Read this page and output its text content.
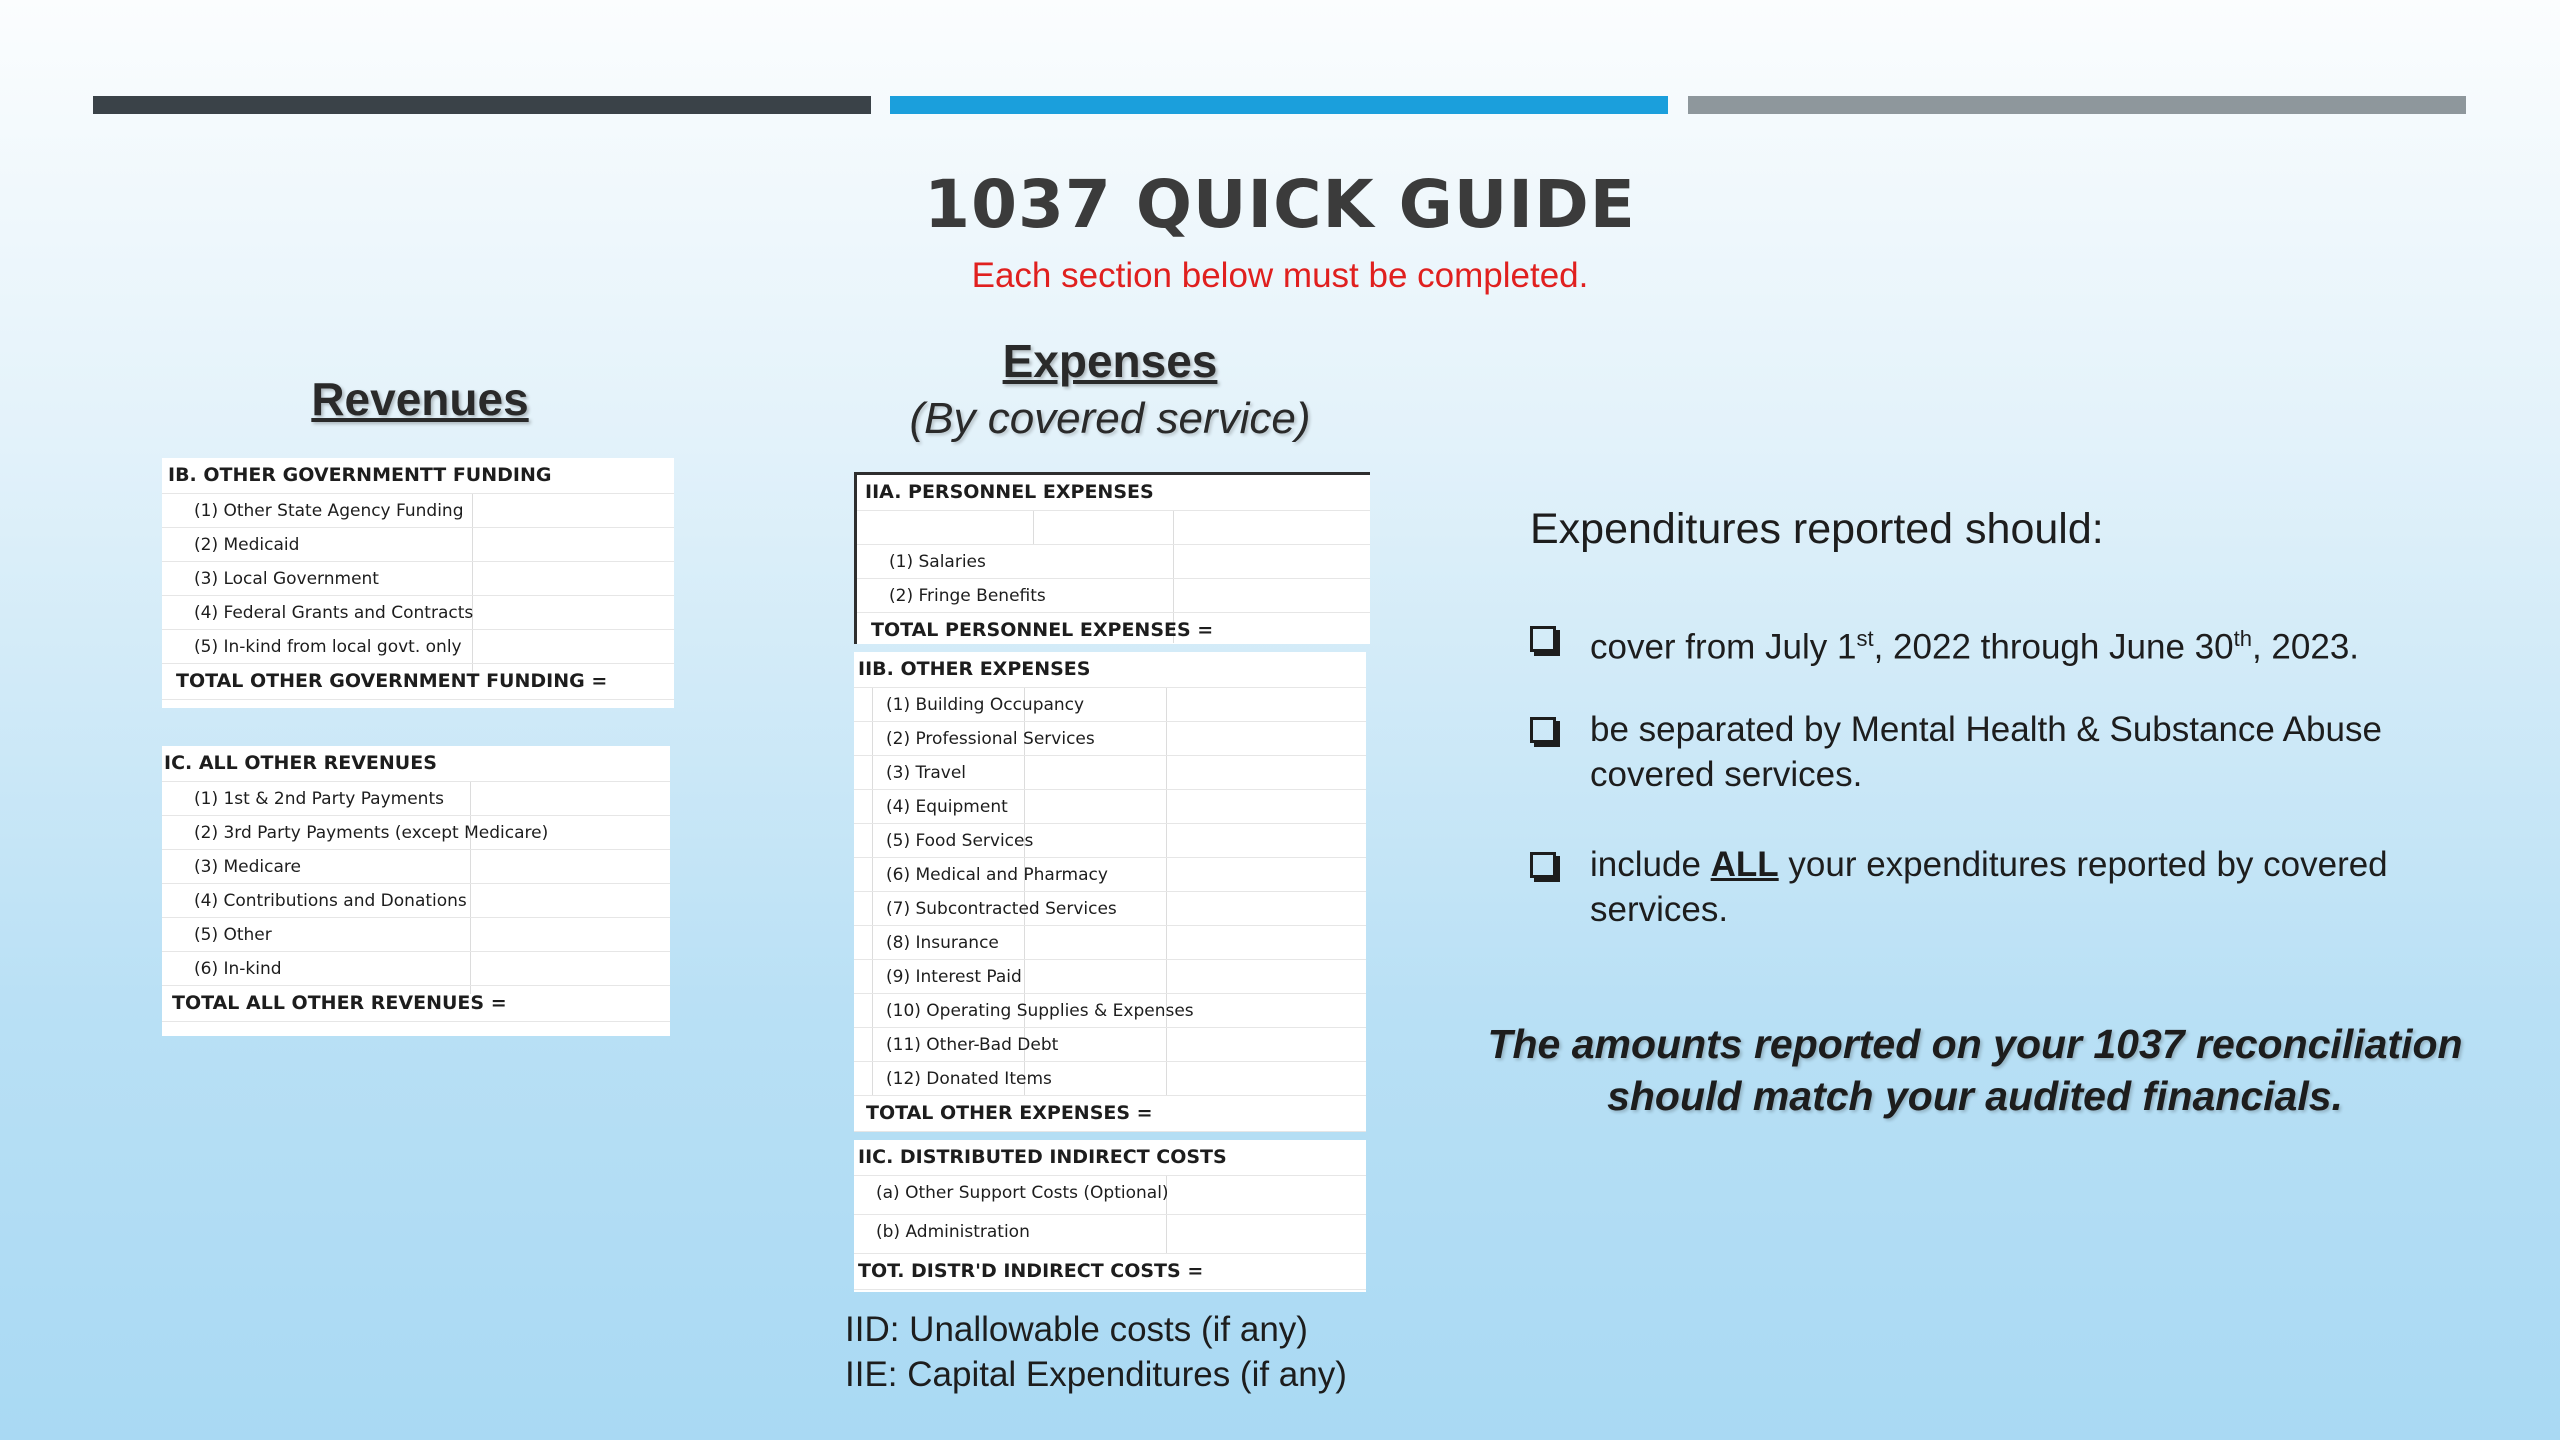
1037 QUICK GUIDE
Each section below must be completed.
Revenues
IB. OTHER GOVERNMENTT FUNDING
(1) Other State Agency Funding
(2) Medicaid
(3) Local Government
(4) Federal Grants and Contracts
(5) In-kind from local govt. only
TOTAL OTHER GOVERNMENT FUNDING =
IC. ALL OTHER REVENUES
(1) 1st & 2nd Party Payments
(2) 3rd Party Payments (except Medicare)
(3) Medicare
(4) Contributions and Donations
(5) Other
(6) In-kind
TOTAL ALL OTHER REVENUES =
Expenses
(By covered service)
IIA. PERSONNEL EXPENSES
(1) Salaries
(2) Fringe Benefits
TOTAL PERSONNEL EXPENSES =
IIB. OTHER EXPENSES
(1) Building Occupancy
(2) Professional Services
(3) Travel
(4) Equipment
(5) Food Services
(6) Medical and Pharmacy
(7) Subcontracted Services
(8) Insurance
(9) Interest Paid
(10) Operating Supplies & Expenses
(11) Other-Bad Debt
(12) Donated Items
TOTAL OTHER EXPENSES =
IIC. DISTRIBUTED INDIRECT COSTS
(a) Other Support Costs (Optional)
(b) Administration
TOT. DISTR'D INDIRECT COSTS =
IID: Unallowable costs (if any)
IIE: Capital Expenditures (if any)
Expenditures reported should:
cover from July 1st, 2022 through June 30th, 2023.
be separated by Mental Health & Substance Abuse covered services.
include ALL your expenditures reported by covered services.
The amounts reported on your 1037 reconciliation should match your audited financials.
